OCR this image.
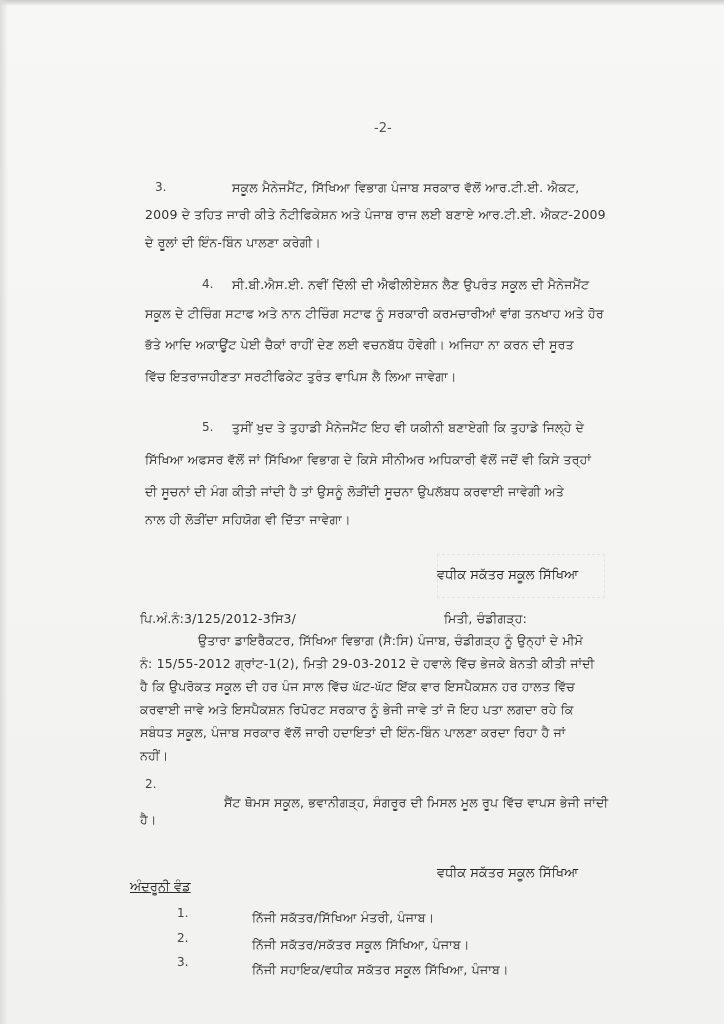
-2-
3.	ਸਕੂਲ ਮੈਨੇਜਮੈਂਟ, ਸਿੱਖਿਆ ਵਿਭਾਗ ਪੰਜਾਬ ਸਰਕਾਰ ਵੱਲੋਂ ਆਰ.ਟੀ.ਈ. ਐਕਟ,
2009 ਦੇ ਤਹਿਤ ਜਾਰੀ ਕੀਤੇ ਨੋਟੀਫਿਕੇਸ਼ਨ ਅਤੇ ਪੰਜਾਬ ਰਾਜ ਲਈ ਬਣਾਏ ਆਰ.ਟੀ.ਈ. ਐਕਟ-2009
ਦੇ ਰੂਲਾਂ ਦੀ ਇੰਨ-ਬਿੰਨ ਪਾਲਣਾ ਕਰੇਗੀ।
4. ਸੀ.ਬੀ.ਐਸ.ਈ. ਨਵੀਂ ਦਿੱਲੀ ਦੀ ਐਫੀਲੀਏਸ਼ਨ ਲੈਣ ਉਪਰੰਤ ਸਕੂਲ ਦੀ ਮੈਨੇਜਮੈਂਟ
ਸਕੂਲ ਦੇ ਟੀਚਿੰਗ ਸਟਾਫ ਅਤੇ ਨਾਨ ਟੀਚਿੰਗ ਸਟਾਫ ਨੂੰ ਸਰਕਾਰੀ ਕਰਮਚਾਰੀਆਂ ਵਾਂਗ ਤਨਖਾਹ ਅਤੇ ਹੋਰ
ਭੱਤੇ ਆਦਿ ਅਕਾਊਂਟ ਪੇਈ ਚੈਕਾਂ ਰਾਹੀਂ ਦੇਣ ਲਈ ਵਚਨਬੱਧ ਹੋਵੇਗੀ। ਅਜਿਹਾ ਨਾ ਕਰਨ ਦੀ ਸੂਰਤ
ਵਿੱਚ ਇਤਰਾਜਹੀਣਤਾ ਸਰਟੀਫਿਕੇਟ ਤੁਰੰਤ ਵਾਪਿਸ ਲੈ ਲਿਆ ਜਾਵੇਗਾ।
5. ਤੁਸੀਂ ਖੁਦ ਤੇ ਤੁਹਾਡੀ ਮੈਨੇਜਮੈਂਟ ਇਹ ਵੀ ਯਕੀਨੀ ਬਣਾਏਗੀ ਕਿ ਤੁਹਾਡੇ ਜਿਲ੍ਹੇ ਦੇ
ਸਿੱਖਿਆ ਅਫਸਰ ਵੱਲੋਂ ਜਾਂ ਸਿੱਖਿਆ ਵਿਭਾਗ ਦੇ ਕਿਸੇ ਸੀਨੀਅਰ ਅਧਿਕਾਰੀ ਵੱਲੋਂ ਜਦੋਂ ਵੀ ਕਿਸੇ ਤਰ੍ਹਾਂ
ਦੀ ਸੂਚਨਾਂ ਦੀ ਮੰਗ ਕੀਤੀ ਜਾਂਦੀ ਹੈ ਤਾਂ ਉਸਨੂੰ ਲੋੜੀਂਦੀ ਸੂਚਨਾ ਉਪਲੱਬਧ ਕਰਵਾਈ ਜਾਵੇਗੀ ਅਤੇ
ਨਾਲ ਹੀ ਲੋੜੀਂਦਾ ਸਹਿਯੋਗ ਵੀ ਦਿੱਤਾ ਜਾਵੇਗਾ।
ਵਧੀਕ ਸਕੱਤਰ ਸਕੂਲ ਸਿੱਖਿਆ
ਪਿ.ਅੰ.ਨੰ:3/125/2012-3ਸਿ3/	ਮਿਤੀ, ਚੰਡੀਗੜ੍ਹ:
ਉਤਾਰਾ ਡਾਇਰੈਕਟਰ, ਸਿੱਖਿਆ ਵਿਭਾਗ (ਸੈ:ਸਿ) ਪੰਜਾਬ, ਚੰਡੀਗੜ੍ਹ ਨੂੰ ਉਨ੍ਹਾਂ ਦੇ ਮੀਮੋ
ਨੰ: 15/55-2012 ਗ੍ਰਾਂਟ-1(2), ਮਿਤੀ 29-03-2012 ਦੇ ਹਵਾਲੇ ਵਿੱਚ ਭੇਜਕੇ ਬੇਨਤੀ ਕੀਤੀ ਜਾਂਦੀ
ਹੈ ਕਿ ਉਪਰੋਕਤ ਸਕੂਲ ਦੀ ਹਰ ਪੰਜ ਸਾਲ ਵਿੱਚ ਘੱਟ-ਘੱਟ ਇੱਕ ਵਾਰ ਇਸਪੈਕਸ਼ਨ ਹਰ ਹਾਲਤ ਵਿੱਚ
ਕਰਵਾਈ ਜਾਵੇ ਅਤੇ ਇਸਪੈਕਸ਼ਨ ਰਿਪੋਰਟ ਸਰਕਾਰ ਨੂੰ ਭੇਜੀ ਜਾਵੇ ਤਾਂ ਜੋ ਇਹ ਪਤਾ ਲਗਦਾ ਰਹੇ ਕਿ
ਸਬੰਧਤ ਸਕੂਲ, ਪੰਜਾਬ ਸਰਕਾਰ ਵੱਲੋਂ ਜਾਰੀ ਹਦਾਇਤਾਂ ਦੀ ਇੰਨ-ਬਿੰਨ ਪਾਲਣਾ ਕਰਦਾ ਰਿਹਾ ਹੈ ਜਾਂ
ਨਹੀਂ।
2.
ਸੈਂਟ ਥੋਮਸ ਸਕੂਲ, ਭਵਾਨੀਗੜ੍ਹ, ਸੰਗਰੂਰ ਦੀ ਮਿਸਲ ਮੂਲ ਰੂਪ ਵਿੱਚ ਵਾਪਸ ਭੇਜੀ ਜਾਂਦੀ
ਹੈ।
ਵਧੀਕ ਸਕੱਤਰ ਸਕੂਲ ਸਿੱਖਿਆ
ਅੰਦਰੂਨੀ ਵੰਡ
1.	ਨਿੱਜੀ ਸਕੱਤਰ/ਸਿੱਖਿਆ ਮੰਤਰੀ, ਪੰਜਾਬ।
2.	ਨਿੱਜੀ ਸਕੱਤਰ/ਸਕੱਤਰ ਸਕੂਲ ਸਿੱਖਿਆ, ਪੰਜਾਬ।
3.	ਨਿੱਜੀ ਸਹਾਇਕ/ਵਧੀਕ ਸਕੱਤਰ ਸਕੂਲ ਸਿੱਖਿਆ, ਪੰਜਾਬ।
